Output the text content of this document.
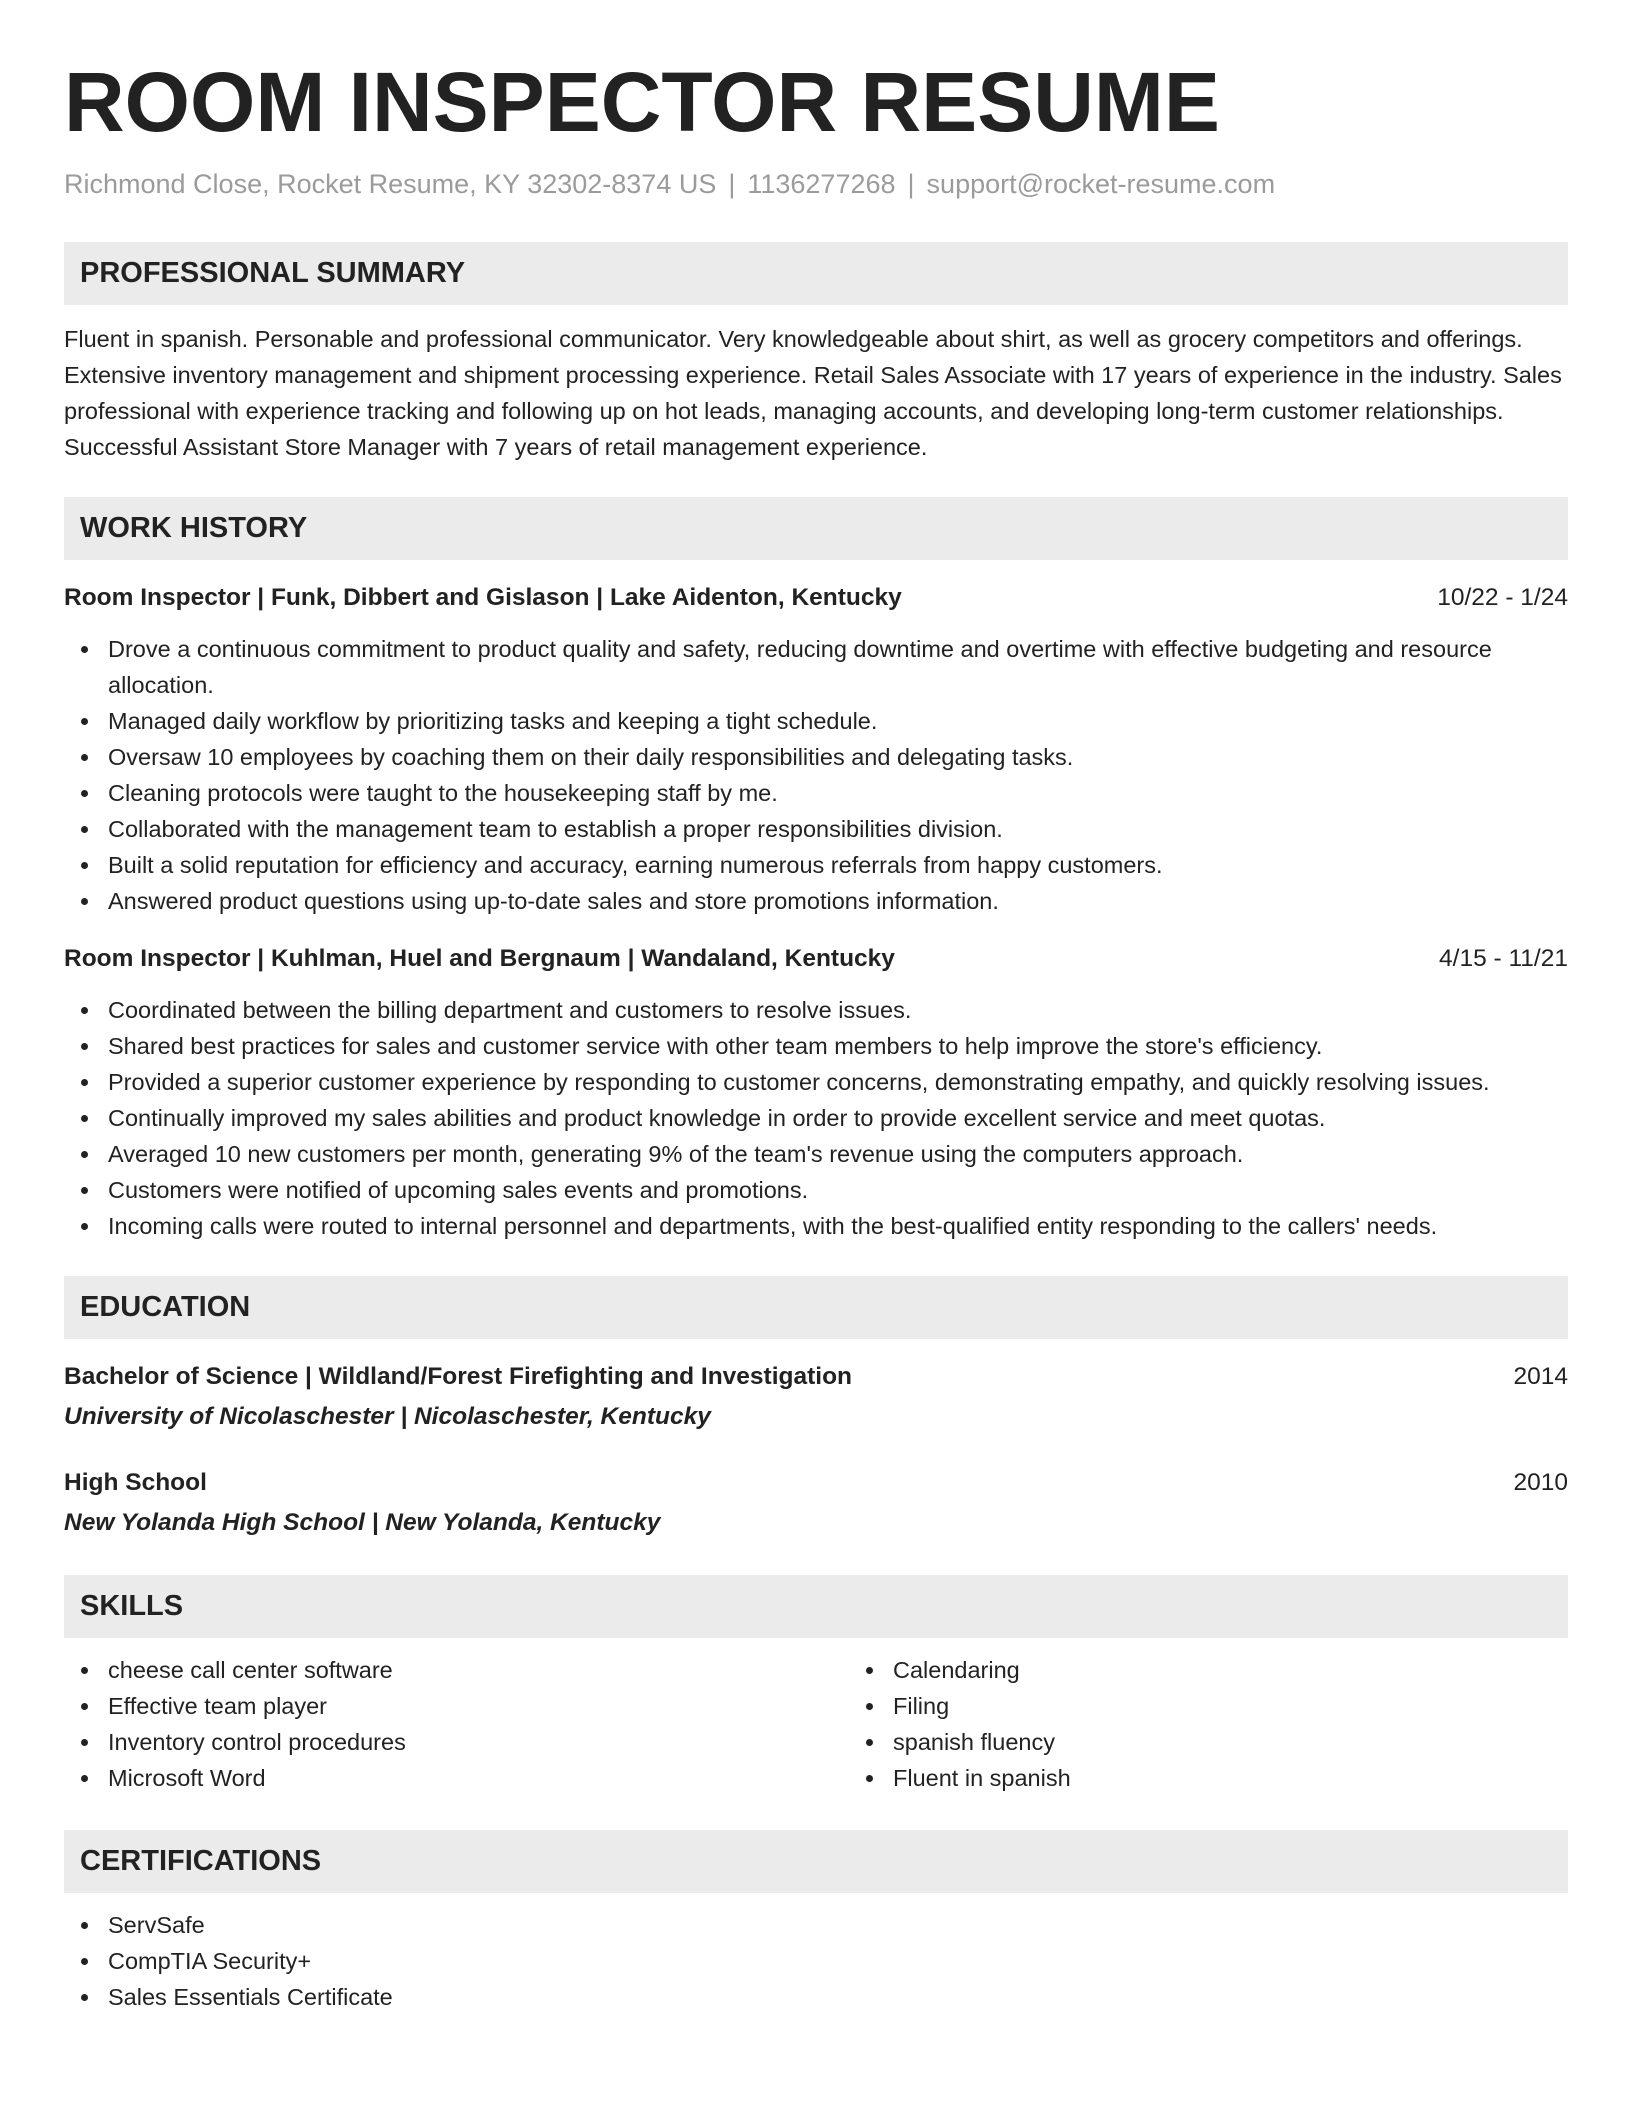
ROOM INSPECTOR RESUME
Richmond Close, Rocket Resume, KY 32302-8374 US | 1136277268 | support@rocket-resume.com
PROFESSIONAL SUMMARY
Fluent in spanish. Personable and professional communicator. Very knowledgeable about shirt, as well as grocery competitors and offerings. Extensive inventory management and shipment processing experience. Retail Sales Associate with 17 years of experience in the industry. Sales professional with experience tracking and following up on hot leads, managing accounts, and developing long-term customer relationships. Successful Assistant Store Manager with 7 years of retail management experience.
WORK HISTORY
Room Inspector | Funk, Dibbert and Gislason | Lake Aidenton, Kentucky	10/22 - 1/24
Drove a continuous commitment to product quality and safety, reducing downtime and overtime with effective budgeting and resource allocation.
Managed daily workflow by prioritizing tasks and keeping a tight schedule.
Oversaw 10 employees by coaching them on their daily responsibilities and delegating tasks.
Cleaning protocols were taught to the housekeeping staff by me.
Collaborated with the management team to establish a proper responsibilities division.
Built a solid reputation for efficiency and accuracy, earning numerous referrals from happy customers.
Answered product questions using up-to-date sales and store promotions information.
Room Inspector | Kuhlman, Huel and Bergnaum | Wandaland, Kentucky	4/15 - 11/21
Coordinated between the billing department and customers to resolve issues.
Shared best practices for sales and customer service with other team members to help improve the store's efficiency.
Provided a superior customer experience by responding to customer concerns, demonstrating empathy, and quickly resolving issues.
Continually improved my sales abilities and product knowledge in order to provide excellent service and meet quotas.
Averaged 10 new customers per month, generating 9% of the team's revenue using the computers approach.
Customers were notified of upcoming sales events and promotions.
Incoming calls were routed to internal personnel and departments, with the best-qualified entity responding to the callers' needs.
EDUCATION
Bachelor of Science | Wildland/Forest Firefighting and Investigation	2014
University of Nicolaschester | Nicolaschester, Kentucky
High School	2010
New Yolanda High School | New Yolanda, Kentucky
SKILLS
cheese call center software
Effective team player
Inventory control procedures
Microsoft Word
Calendaring
Filing
spanish fluency
Fluent in spanish
CERTIFICATIONS
ServSafe
CompTIA Security+
Sales Essentials Certificate
